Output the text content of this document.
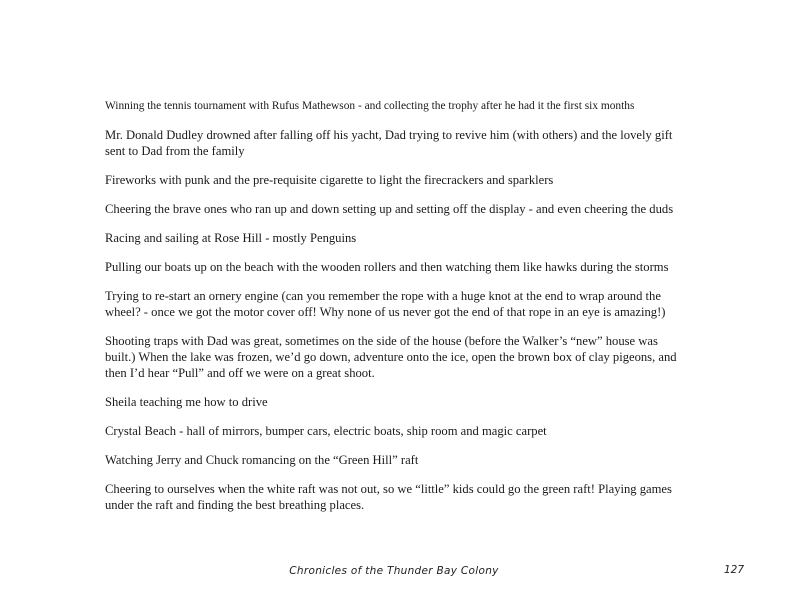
Winning the tennis tournament with Rufus Mathewson - and collecting the trophy after he had it the first six months

Mr. Donald Dudley drowned after falling off his yacht, Dad trying to revive him (with others) and the lovely gift sent to Dad from the family

Fireworks with punk and the pre-requisite cigarette to light the firecrackers and sparklers

Cheering the brave ones who ran up and down setting up and setting off the display - and even cheering the duds

Racing and sailing at Rose Hill - mostly Penguins

Pulling our boats up on the beach with the wooden rollers and then watching them like hawks during the storms

Trying to re-start an ornery engine (can you remember the rope with a huge knot at the end to wrap around the wheel? - once we got the motor cover off! Why none of us never got the end of that rope in an eye is amazing!)

Shooting traps with Dad was great, sometimes on the side of the house (before the Walker’s “new” house was built.) When the lake was frozen, we’d go down, adventure onto the ice, open the brown box of clay pigeons, and then I’d hear “Pull” and off we were on a great shoot.

Sheila teaching me how to drive

Crystal Beach - hall of mirrors, bumper cars, electric boats, ship room and magic carpet

Watching Jerry and Chuck romancing on the “Green Hill” raft

Cheering to ourselves when the white raft was not out, so we “little” kids could go the green raft! Playing games under the raft and finding the best breathing places.

Chronicles of the Thunder Bay Colony	127
